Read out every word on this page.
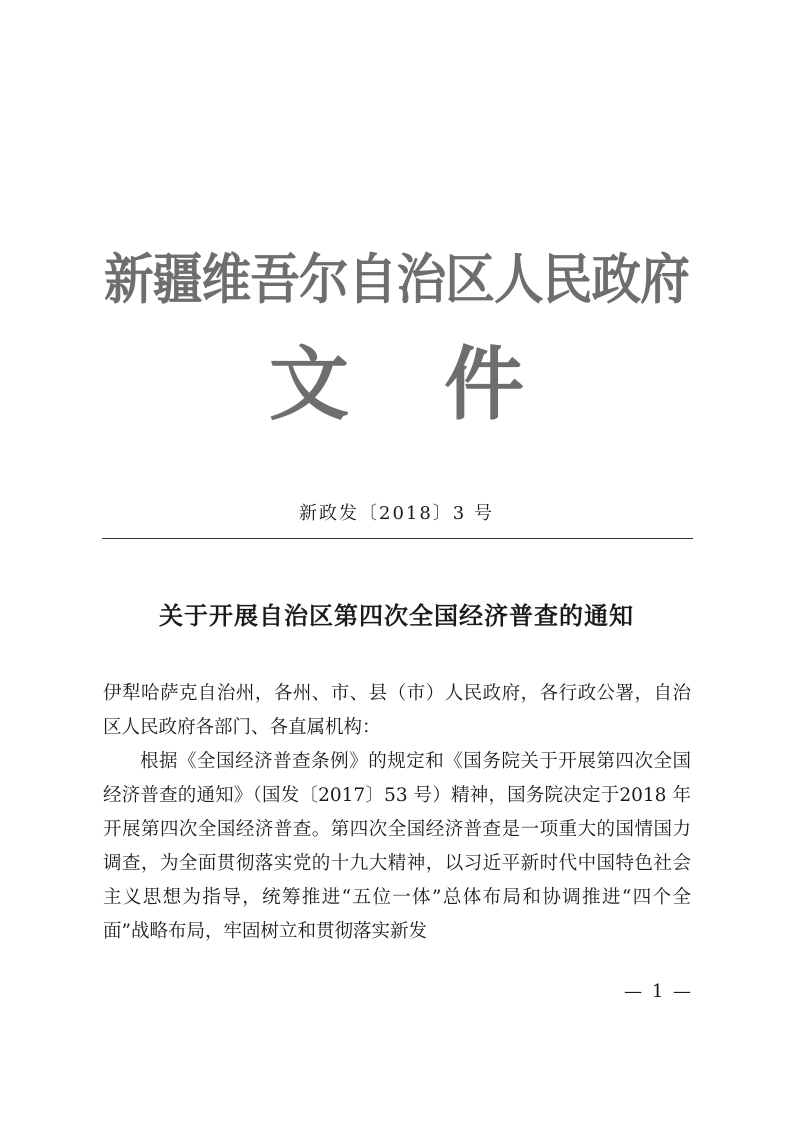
新疆维吾尔自治区人民政府
文件
新政发〔2018〕3 号
关于开展自治区第四次全国经济普查的通知

伊犁哈萨克自治州，各州、市、县（市）人民政府，各行政公署，自治区人民政府各部门、各直属机构：

根据《全国经济普查条例》的规定和《国务院关于开展第四次全国经济普查的通知》（国发〔2017〕53 号）精神，国务院决定于2018 年开展第四次全国经济普查。第四次全国经济普查是一项重大的国情国力调查，为全面贯彻落实党的十九大精神，以习近平新时代中国特色社会主义思想为指导，统筹推进“五位一体”总体布局和协调推进“四个全面”战略布局，牢固树立和贯彻落实新发

— 1 —
